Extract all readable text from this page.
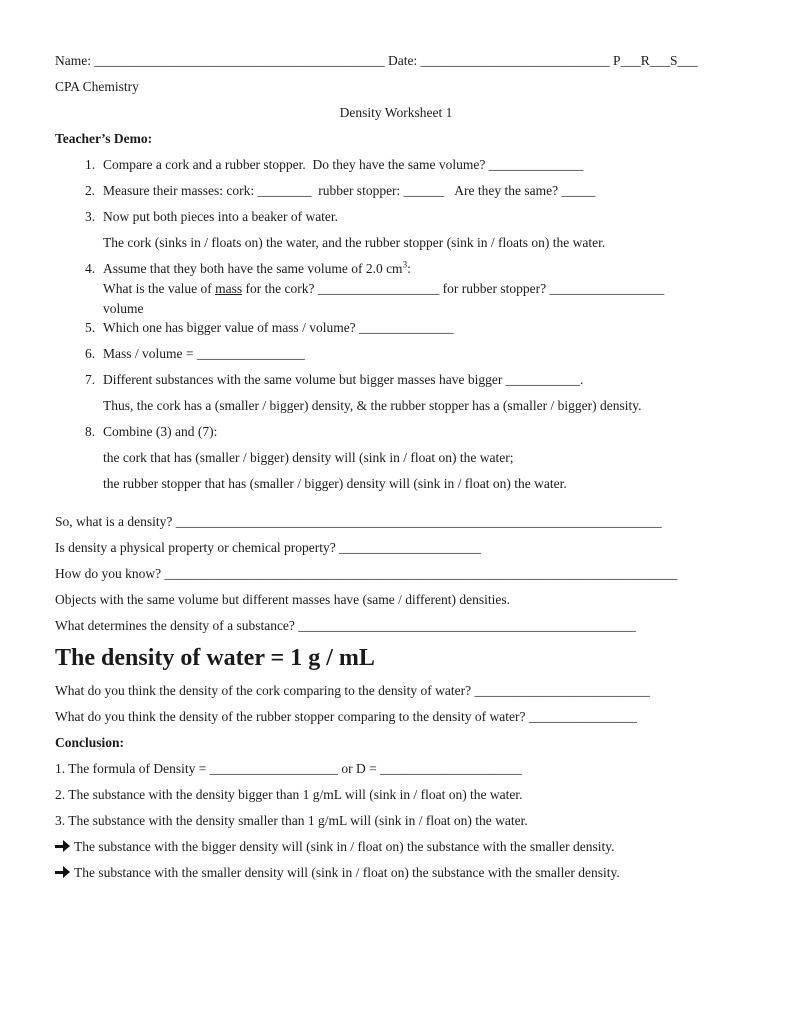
Name: ___________________________________________ Date: ____________________________ P___R___S___

CPA Chemistry

Density Worksheet 1

Teacher’s Demo:

1. Compare a cork and a rubber stopper.  Do they have the same volume? ______________
2. Measure their masses: cork: ________  rubber stopper: ______   Are they the same? _____
3. Now put both pieces into a beaker of water.

The cork (sinks in / floats on) the water, and the rubber stopper (sink in / floats on) the water.

4. Assume that they both have the same volume of 2.0 $cm^3$:

What is the value of mass for the cork? __________________ for rubber stopper? _________________

volume

5. Which one has bigger value of mass / volume? ______________
6. Mass / volume = ________________
7. Different substances with the same volume but bigger masses have bigger ___________.

Thus, the cork has a (smaller / bigger) density, & the rubber stopper has a (smaller / bigger) density.

8. Combine (3) and (7):

the cork that has (smaller / bigger) density will (sink in / float on) the water;

the rubber stopper that has (smaller / bigger) density will (sink in / float on) the water.

So, what is a density? ________________________________________________________________________

Is density a physical property or chemical property? _____________________

How do you know? ____________________________________________________________________________

Objects with the same volume but different masses have (same / different) densities.

What determines the density of a substance? __________________________________________________

The density of water = 1 g / mL

What do you think the density of the cork comparing to the density of water? __________________________

What do you think the density of the rubber stopper comparing to the density of water? ________________

Conclusion:

1. The formula of Density = ___________________ or D = _____________________

2. The substance with the density bigger than 1 g/mL will (sink in / float on) the water.

3. The substance with the density smaller than 1 g/mL will (sink in / float on) the water.

The substance with the bigger density will (sink in / float on) the substance with the smaller density.

The substance with the smaller density will (sink in / float on) the substance with the smaller density.
